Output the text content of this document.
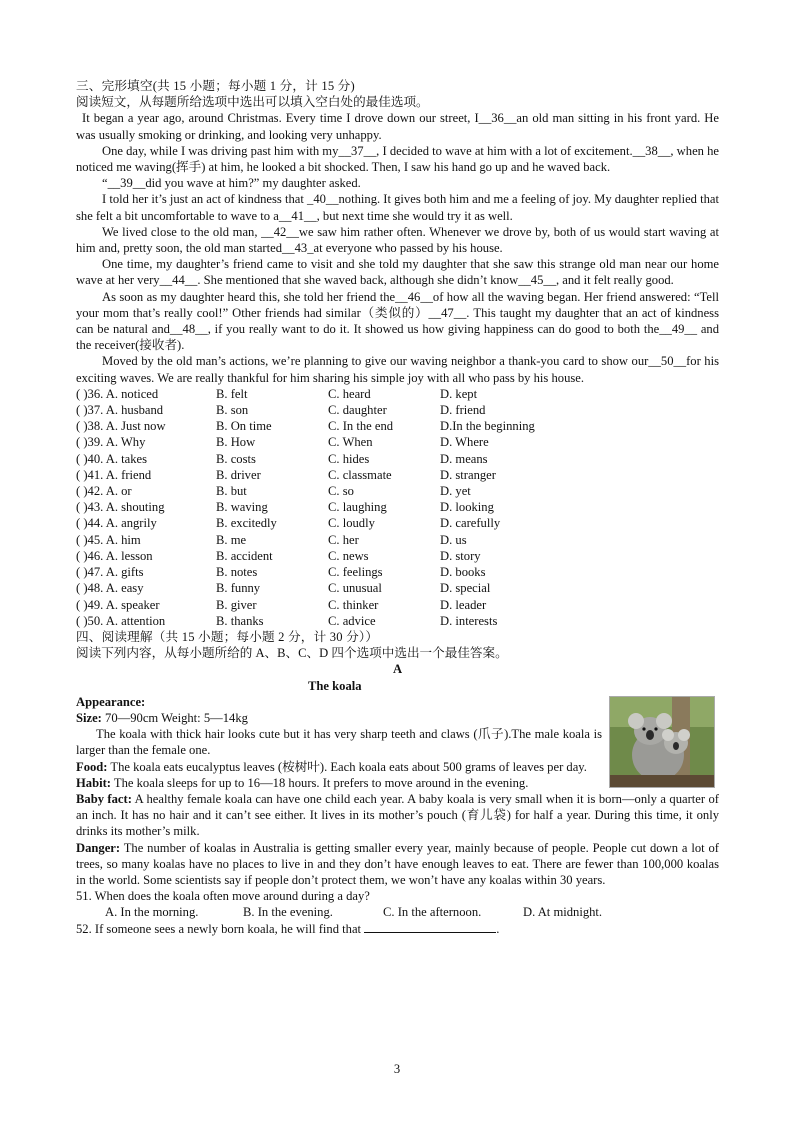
三、完形填空(共 15 小题；每小题 1 分，计 15 分)
阅读短文，从每题所给选项中选出可以填入空白处的最佳选项。

It began a year ago, around Christmas. Every time I drove down our street, I__36__an old man sitting in his front yard. He was usually smoking or drinking, and looking very unhappy.

One day, while I was driving past him with my__37__, I decided to wave at him with a lot of excitement.__38__, when he noticed me waving(挥手) at him, he looked a bit shocked. Then, I saw his hand go up and he waved back.

“__39__did you wave at him?” my daughter asked.

I told her it’s just an act of kindness that _40__nothing. It gives both him and me a feeling of joy. My daughter replied that she felt a bit uncomfortable to wave to a__41__, but next time she would try it as well.

We lived close to the old man, __42__we saw him rather often. Whenever we drove by, both of us would start waving at him and, pretty soon, the old man started__43_at everyone who passed by his house.

One time, my daughter’s friend came to visit and she told my daughter that she saw this strange old man near our home wave at her very__44__. She mentioned that she waved back, although she didn’t know__45__, and it felt really good.

As soon as my daughter heard this, she told her friend the__46__of how all the waving began. Her friend answered: “Tell your mom that’s really cool!” Other friends had similar（类似的）__47__. This taught my daughter that an act of kindness can be natural and__48__, if you really want to do it. It showed us how giving happiness can do good to both the__49__ and the receiver(接收者).

Moved by the old man’s actions, we’re planning to give our waving neighbor a thank-you card to show our__50__for his exciting waves. We are really thankful for him sharing his simple joy with all who pass by his house.

( )36. A. noticed	B. felt	C. heard	D. kept
( )37. A. husband	B. son	C. daughter	D. friend
( )38. A. Just now	B. On time	C. In the end	D.In the beginning
( )39. A. Why	B. How	C. When	D. Where
( )40. A. takes	B. costs	C. hides	D. means
( )41. A. friend	B. driver	C. classmate	D. stranger
( )42. A. or	B. but	C. so	D. yet
( )43. A. shouting	B. waving	C. laughing	D. looking
( )44. A. angrily	B. excitedly	C. loudly	D. carefully
( )45. A. him	B. me	C. her	D. us
( )46. A. lesson	B. accident	C. news	D. story
( )47. A. gifts	B. notes	C. feelings	D. books
( )48. A. easy	B. funny	C. unusual	D. special
( )49. A. speaker	B. giver	C. thinker	D. leader
( )50. A. attention	B. thanks	C. advice	D. interests
四、阅读理解（共 15 小题；每小题 2 分，计 30 分））
阅读下列内容，从每小题所给的 A、B、C、D 四个选项中选出一个最佳答案。
A
The koala
Appearance:
Size: 70—90cm Weight: 5—14kg

The koala with thick hair looks cute but it has very sharp teeth and claws (爪子).The male koala is larger than the female one.

Food: The koala eats eucalyptus leaves (桉树叶). Each koala eats about 500 grams of leaves per day.

Habit: The koala sleeps for up to 16—18 hours. It prefers to move around in the evening.

Baby fact: A healthy female koala can have one child each year. A baby koala is very small when it is born—only a quarter of an inch. It has no hair and it can’t see either. It lives in its mother’s pouch (育儿袋) for half a year. During this time, it only drinks its mother’s milk.

Danger: The number of koalas in Australia is getting smaller every year, mainly because of people. People cut down a lot of trees, so many koalas have no places to live in and they don’t have enough leaves to eat. There are fewer than 100,000 koalas in the world. Some scientists say if people don’t protect them, we won’t have any koalas within 30 years.

51. When does the koala often move around during a day?
A. In the morning.	B. In the evening.	C. In the afternoon.	D. At midnight.
52. If someone sees a newly born koala, he will find that	.
3
